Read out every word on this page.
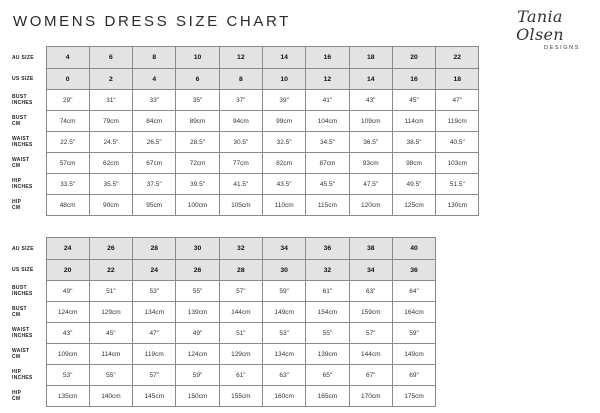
WOMENS DRESS SIZE CHART	Tania Olsen
DESIGNS
AU SIZE	4	6	8	10	12	14	16	18	20	22

US SIZE	0	2	4	6	8	10	12	14	16	18

BUST
INCHES	29"	31"	33"	35"	37"	39"	41"	43"	45"	47"

BUST
CM	74cm	79cm	84cm	89cm	94cm	99cm	104cm	109cm	114cm	119cm

WAIST
INCHES	22.5"	24.5"	26.5"	28.5"	30.5"	32.5"	34.5"	36.5"	38.5"	40.5"

WAIST
CM	57cm	62cm	67cm	72cm	77cm	82cm	87cm	93cm	98cm	103cm

HIP
INCHES	33.5"	35.5"	37.5"	39.5"	41.5"	43.5"	45.5"	47.5"	49.5"	51.5"

HIP
CM	48cm	90cm	95cm	100cm	105cm	110cm	115cm	120cm	125cm	130cm
AU SIZE	24	26	28	30	32	34	36	38	40

US SIZE	20	22	24	26	28	30	32	34	36

BUST
INCHES	49"	51"	53"	55"	57"	59"	61"	63"	64"

BUST
CM	124cm	129cm	134cm	139cm	144cm	149cm	154cm	159cm	164cm

WAIST
INCHES	43"	45"	47"	49"	51"	53"	55"	57"	59"

WAIST
CM	109cm	114cm	119cm	124cm	129cm	134cm	139cm	144cm	149cm

HIP
INCHES	53"	55"	57"	59"	61"	63"	65"	67"	69"

HIP
CM	135cm	140cm	145cm	150cm	155cm	160cm	165cm	170cm	175cm
